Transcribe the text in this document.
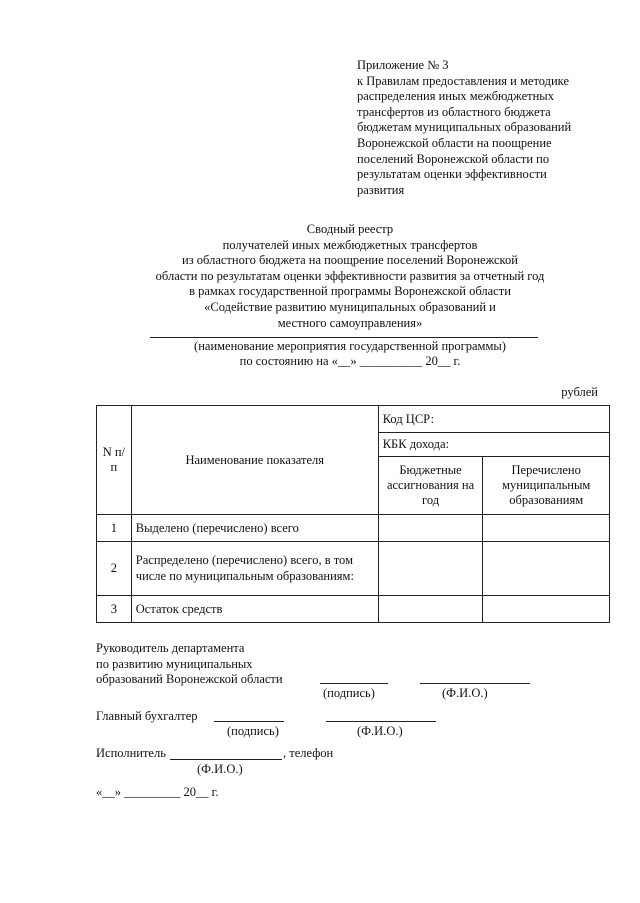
Приложение № 3
к Правилам предоставления и методике
распределения иных межбюджетных
трансфертов из областного бюджета
бюджетам муниципальных образований
Воронежской области на поощрение
поселений Воронежской области по
результатам оценки эффективности
развития
Сводный реестр
получателей иных межбюджетных трансфертов
из областного бюджета на поощрение поселений Воронежской
области по результатам оценки эффективности развития за отчетный год
в рамках государственной программы Воронежской области
«Содействие развитию муниципальных образований и
местного самоуправления»
(наименование мероприятия государственной программы)
по состоянию на «__» __________ 20__ г.
рублей
N п/п	Наименование показателя	Код ЦСР:	
		КБК дохода:	
		Бюджетные ассигнования на год	Перечислено муниципальным образованиям
1	Выделено (перечислено) всего		
2	Распределено (перечислено) всего, в том числе по муниципальным образованиям:		
3	Остаток средств		
Руководитель департамента
по развитию муниципальных
образований Воронежской области
(подпись)	(Ф.И.О.)
Главный бухгалтер
(подпись)	(Ф.И.О.)
Исполнитель	, телефон
(Ф.И.О.)
«__» _________ 20__ г.
